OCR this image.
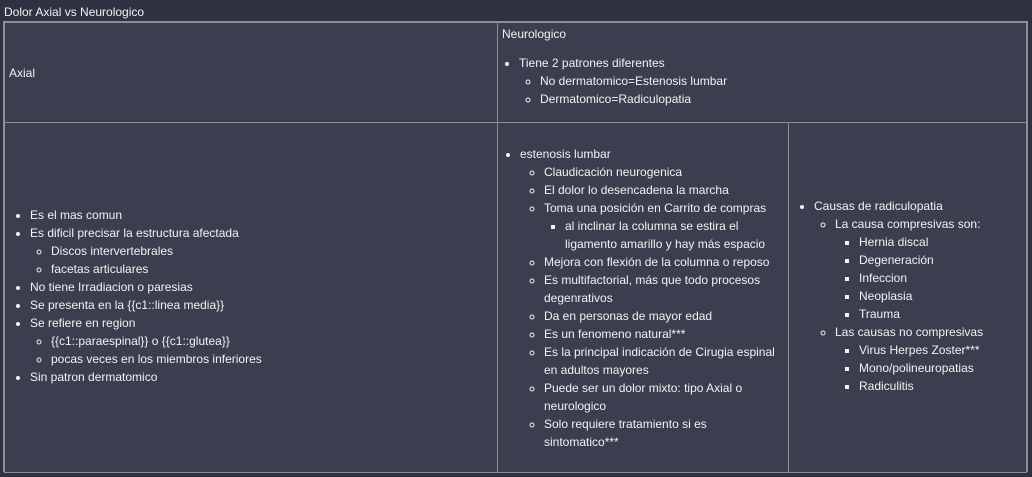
Dolor Axial vs Neurologico
Axial
Neurologico
• Tiene 2 patrones diferentes
◦ No dermatomico=Estenosis lumbar
◦ Dermatomico=Radiculopatia
• Es el mas comun
• Es dificil precisar la estructura afectada
◦ Discos intervertebrales
◦ facetas articulares
• No tiene Irradiacion o paresias
• Se presenta en la {{c1::linea media}}
• Se refiere en region
◦ {{c1::paraespinal}} o {{c1::glutea}}
◦ pocas veces en los miembros inferiores
• Sin patron dermatomico
• estenosis lumbar
◦ Claudicación neurogenica
◦ El dolor lo desencadena la marcha
◦ Toma una posición en Carrito de compras
▪ al inclinar la columna se estira el ligamento amarillo y hay más espacio
◦ Mejora con flexión de la columna o reposo
◦ Es multifactorial, más que todo procesos degenrativos
◦ Da en personas de mayor edad
◦ Es un fenomeno natural***
◦ Es la principal indicación de Cirugia espinal en adultos mayores
◦ Puede ser un dolor mixto: tipo Axial o neurologico
◦ Solo requiere tratamiento si es sintomatico***
• Causas de radiculopatia
◦ La causa compresivas son:
▪ Hernia discal
▪ Degeneración
▪ Infeccion
▪ Neoplasia
▪ Trauma
◦ Las causas no compresivas
▪ Virus Herpes Zoster***
▪ Mono/polineuropatias
▪ Radiculitis
